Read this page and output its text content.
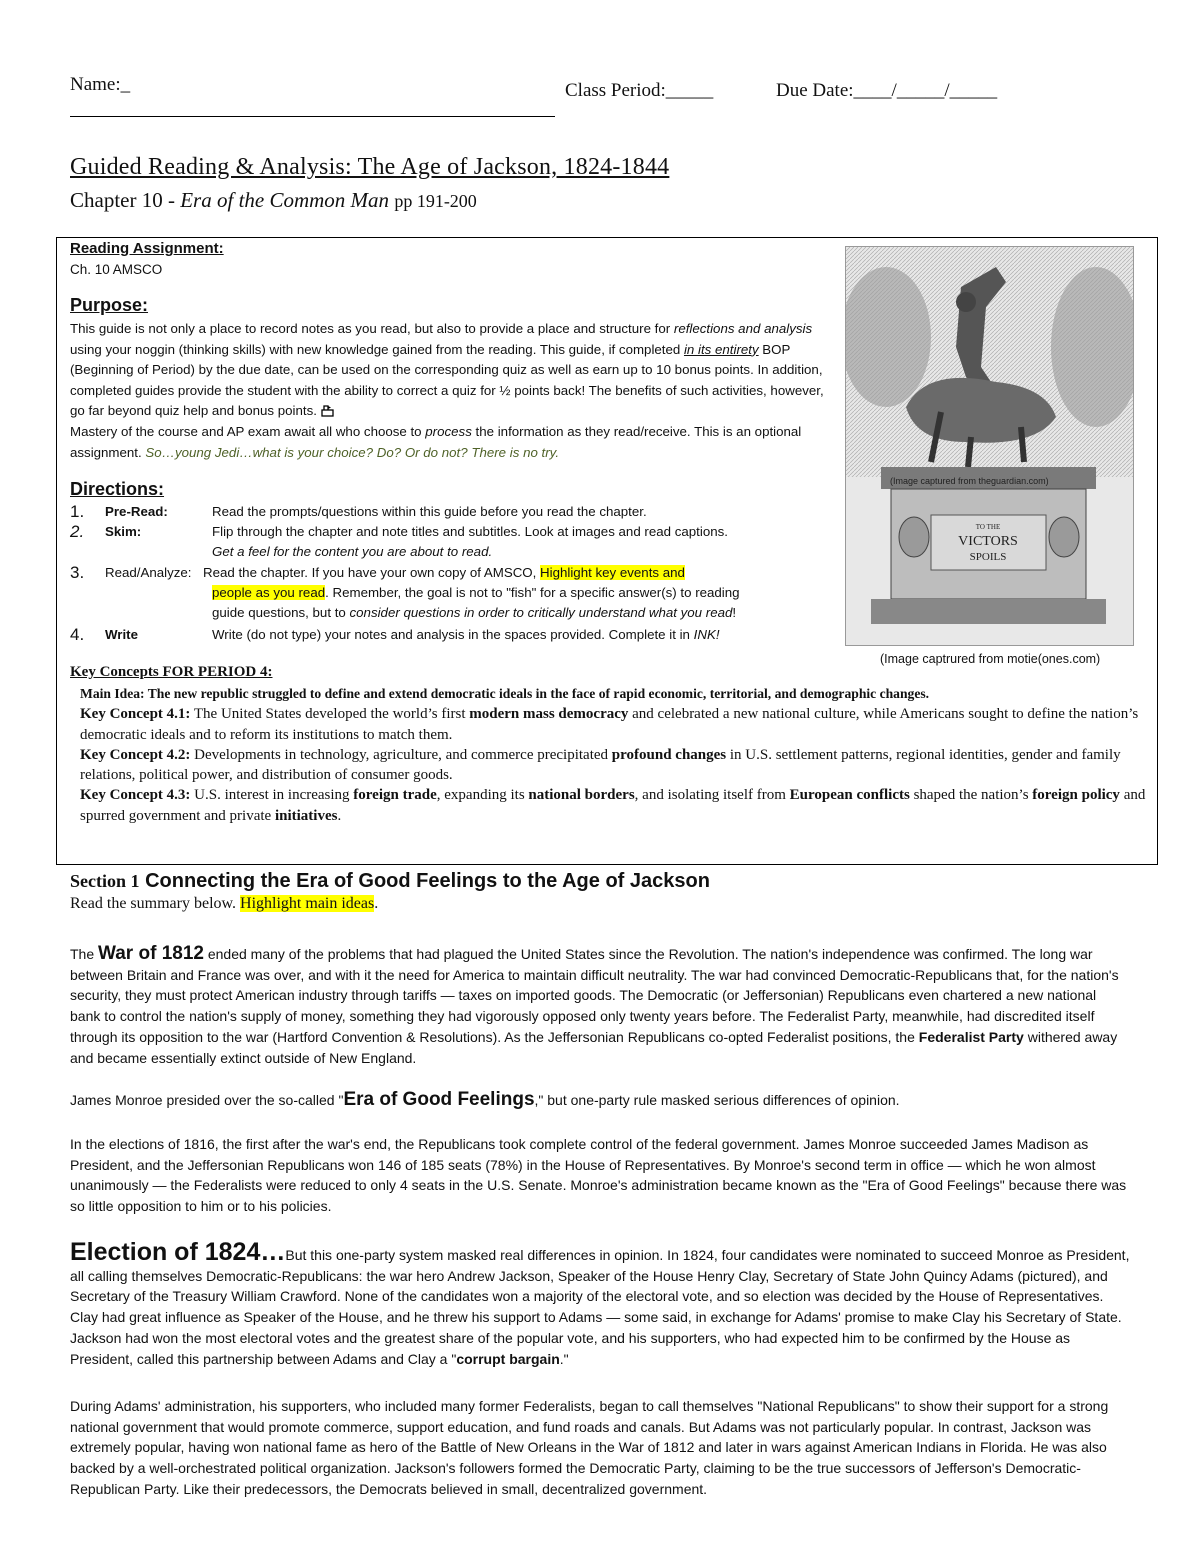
Name:_	Class Period:_____	Due Date:____/_____/_____
Guided Reading & Analysis: The Age of Jackson, 1824-1844
Chapter 10 - Era of the Common Man pp 191-200
Reading Assignment:
Ch. 10 AMSCO
Purpose:
This guide is not only a place to record notes as you read, but also to provide a place and structure for reflections and analysis using your noggin (thinking skills) with new knowledge gained from the reading. This guide, if completed in its entirety BOP (Beginning of Period) by the due date, can be used on the corresponding quiz as well as earn up to 10 bonus points. In addition, completed guides provide the student with the ability to correct a quiz for ½ points back! The benefits of such activities, however, go far beyond quiz help and bonus points.
Mastery of the course and AP exam await all who choose to process the information as they read/receive. This is an optional assignment. So…young Jedi…what is your choice? Do? Or do not? There is no try.
Directions:
1. Pre-Read:	Read the prompts/questions within this guide before you read the chapter.
2. Skim:	Flip through the chapter and note titles and subtitles. Look at images and read captions.
Get a feel for the content you are about to read.
3. Read/Analyze: Read the chapter. If you have your own copy of AMSCO, Highlight key events and
people as you read. Remember, the goal is not to "fish" for a specific answer(s) to reading
guide questions, but to consider questions in order to critically understand what you read!
4. Write	Write (do not type) your notes and analysis in the spaces provided. Complete it in INK!
TO THE
VICTORS
SPOILS
(Image captured from theguardian.com)
(Image captrured from motie(ones.com)
Key Concepts FOR PERIOD 4:
Main Idea: The new republic struggled to define and extend democratic ideals in the face of rapid economic, territorial, and demographic changes.
Key Concept 4.1: The United States developed the world’s first modern mass democracy and celebrated a new national culture, while Americans sought to define the nation’s democratic ideals and to reform its institutions to match them.
Key Concept 4.2: Developments in technology, agriculture, and commerce precipitated profound changes in U.S. settlement patterns, regional identities, gender and family relations, political power, and distribution of consumer goods.
Key Concept 4.3: U.S. interest in increasing foreign trade, expanding its national borders, and isolating itself from European conflicts shaped the nation’s foreign policy and spurred government and private initiatives.
Section 1 Connecting the Era of Good Feelings to the Age of Jackson
Read the summary below. Highlight main ideas.
The War of 1812 ended many of the problems that had plagued the United States since the Revolution. The nation's independence was confirmed. The long war between Britain and France was over, and with it the need for America to maintain difficult neutrality. The war had convinced Democratic-Republicans that, for the nation's security, they must protect American industry through tariffs — taxes on imported goods. The Democratic (or Jeffersonian) Republicans even chartered a new national bank to control the nation's supply of money, something they had vigorously opposed only twenty years before. The Federalist Party, meanwhile, had discredited itself through its opposition to the war (Hartford Convention & Resolutions). As the Jeffersonian Republicans co-opted Federalist positions, the Federalist Party withered away and became essentially extinct outside of New England.
James Monroe presided over the so-called "Era of Good Feelings," but one-party rule masked serious differences of opinion.
In the elections of 1816, the first after the war's end, the Republicans took complete control of the federal government. James Monroe succeeded James Madison as President, and the Jeffersonian Republicans won 146 of 185 seats (78%) in the House of Representatives. By Monroe's second term in office — which he won almost unanimously — the Federalists were reduced to only 4 seats in the U.S. Senate. Monroe's administration became known as the "Era of Good Feelings" because there was so little opposition to him or to his policies.
Election of 1824…But this one-party system masked real differences in opinion. In 1824, four candidates were nominated to succeed Monroe as President, all calling themselves Democratic-Republicans: the war hero Andrew Jackson, Speaker of the House Henry Clay, Secretary of State John Quincy Adams (pictured), and Secretary of the Treasury William Crawford. None of the candidates won a majority of the electoral vote, and so election was decided by the House of Representatives. Clay had great influence as Speaker of the House, and he threw his support to Adams — some said, in exchange for Adams' promise to make Clay his Secretary of State. Jackson had won the most electoral votes and the greatest share of the popular vote, and his supporters, who had expected him to be confirmed by the House as President, called this partnership between Adams and Clay a "corrupt bargain."
During Adams' administration, his supporters, who included many former Federalists, began to call themselves "National Republicans" to show their support for a strong national government that would promote commerce, support education, and fund roads and canals. But Adams was not particularly popular. In contrast, Jackson was extremely popular, having won national fame as hero of the Battle of New Orleans in the War of 1812 and later in wars against American Indians in Florida. He was also backed by a well-orchestrated political organization. Jackson's followers formed the Democratic Party, claiming to be the true successors of Jefferson's Democratic-Republican Party. Like their predecessors, the Democrats believed in small, decentralized government.
